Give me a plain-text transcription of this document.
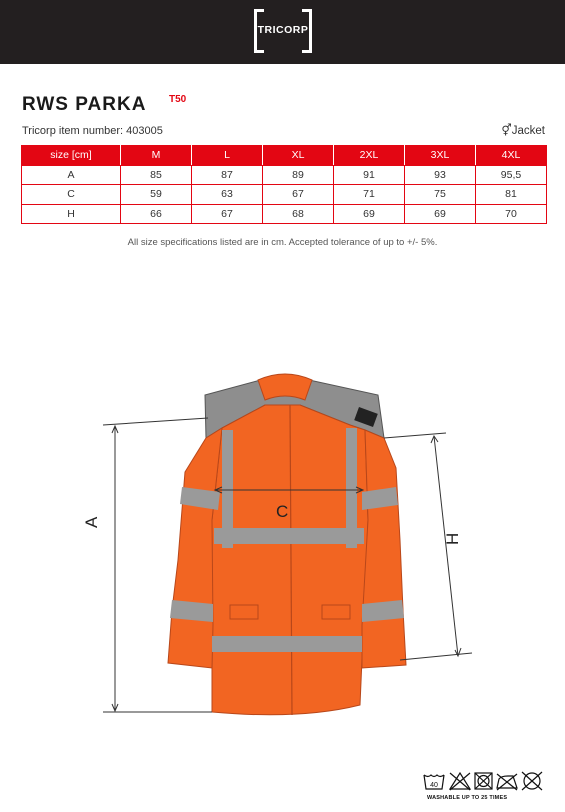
TRICORP
RWS PARKA T50
Tricorp item number: 403005	⚥Jacket
size [cm]	M	L	XL	2XL	3XL	4XL
A	85	87	89	91	93	95,5
C	59	63	67	71	75	81
H	66	67	68	69	69	70
All size specifications listed are in cm. Accepted tolerance of up to +/- 5%.
A
C
H
40
WASHABLE UP TO 25 TIMES
